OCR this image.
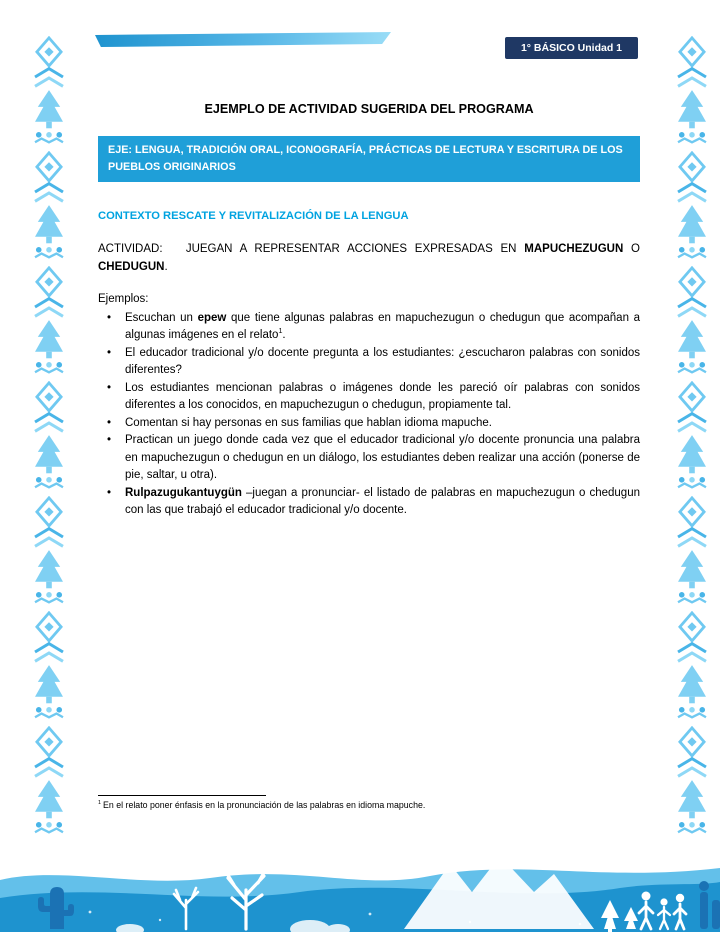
1° BÁSICO Unidad 1
EJEMPLO DE ACTIVIDAD SUGERIDA DEL PROGRAMA
EJE: LENGUA, TRADICIÓN ORAL, ICONOGRAFÍA, PRÁCTICAS DE LECTURA Y ESCRITURA DE LOS
PUEBLOS ORIGINARIOS
CONTEXTO RESCATE Y REVITALIZACIÓN DE LA LENGUA

ACTIVIDAD:   JUEGAN A REPRESENTAR ACCIONES EXPRESADAS EN MAPUCHEZUGUN O CHEDUGUN.

Ejemplos:

• Escuchan un epew que tiene algunas palabras en mapuchezugun o chedugun que acompañan a algunas imágenes en el relato$^1$.
• El educador tradicional y/o docente pregunta a los estudiantes: ¿escucharon palabras con sonidos diferentes?
• Los estudiantes mencionan palabras o imágenes donde les pareció oír palabras con sonidos diferentes a los conocidos, en mapuchezugun o chedugun, propiamente tal.
• Comentan si hay personas en sus familias que hablan idioma mapuche.
• Practican un juego donde cada vez que el educador tradicional y/o docente pronuncia una palabra en mapuchezugun o chedugun en un diálogo, los estudiantes deben realizar una acción (ponerse de pie, saltar, u otra).
• Rulpazugukantuygün –juegan a pronunciar- el listado de palabras en mapuchezugun o chedugun con las que trabajó el educador tradicional y/o docente.

$^1$ En el relato poner énfasis en la pronunciación de las palabras en idioma mapuche.
